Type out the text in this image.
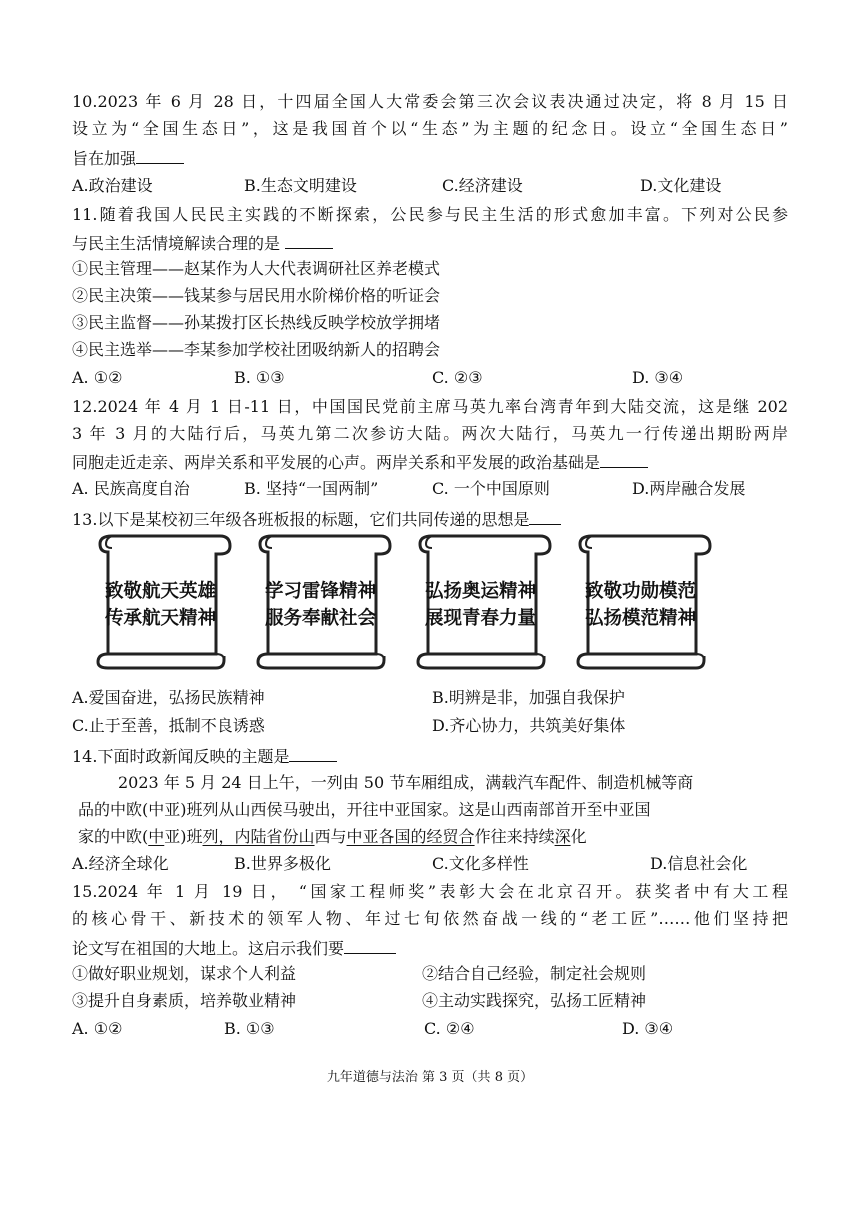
10.2023 年 6 月 28 日，十四届全国人大常委会第三次会议表决通过决定，将 8 月 15 日
设立为“全国生态日”，这是我国首个以“生态”为主题的纪念日。设立“全国生态日”
旨在加强
A.政治建设	B.生态文明建设	C.经济建设	D.文化建设
11.随着我国人民民主实践的不断探索，公民参与民主生活的形式愈加丰富。下列对公民参
与民主生活情境解读合理的是
①民主管理——赵某作为人大代表调研社区养老模式
②民主决策——钱某参与居民用水阶梯价格的听证会
③民主监督——孙某拨打区长热线反映学校放学拥堵
④民主选举——李某参加学校社团吸纳新人的招聘会
A. ①②	B. ①③	C. ②③	D. ③④
12.2024 年 4 月 1 日-11 日，中国国民党前主席马英九率台湾青年到大陆交流，这是继 202
3 年 3 月的大陆行后，马英九第二次参访大陆。两次大陆行，马英九一行传递出期盼两岸
同胞走近走亲、两岸关系和平发展的心声。两岸关系和平发展的政治基础是
A. 民族高度自治	B. 坚持“一国两制”	C. 一个中国原则	D.两岸融合发展
13.以下是某校初三年级各班板报的标题，它们共同传递的思想是
致敬航天英雄
传承航天精神
学习雷锋精神
服务奉献社会
弘扬奥运精神
展现青春力量
致敬功勋模范
弘扬模范精神
A.爱国奋进，弘扬民族精神	B.明辨是非，加强自我保护
C.止于至善，抵制不良诱惑	D.齐心协力，共筑美好集体
14.下面时政新闻反映的主题是
2023 年 5 月 24 日上午，一列由 50 节车厢组成，满载汽车配件、制造机械等商
品的中欧(中亚)班列从山西侯马驶出，开往中亚国家。这是山西南部首开至中亚国
家的中欧(中亚)班列，内陆省份山西与中亚各国的经贸合作往来持续深化
A.经济全球化	B.世界多极化	C.文化多样性	D.信息社会化
15.2024 年 1 月 19 日， “国家工程师奖”表彰大会在北京召开。获奖者中有大工程
的核心骨干、新技术的领军人物、年过七旬依然奋战一线的“老工匠”……他们坚持把
论文写在祖国的大地上。这启示我们要
①做好职业规划，谋求个人利益	②结合自己经验，制定社会规则
③提升自身素质，培养敬业精神	④主动实践探究，弘扬工匠精神
A. ①②	B. ①③	C. ②④	D. ③④
九年道德与法治 第 3 页（共 8 页）
